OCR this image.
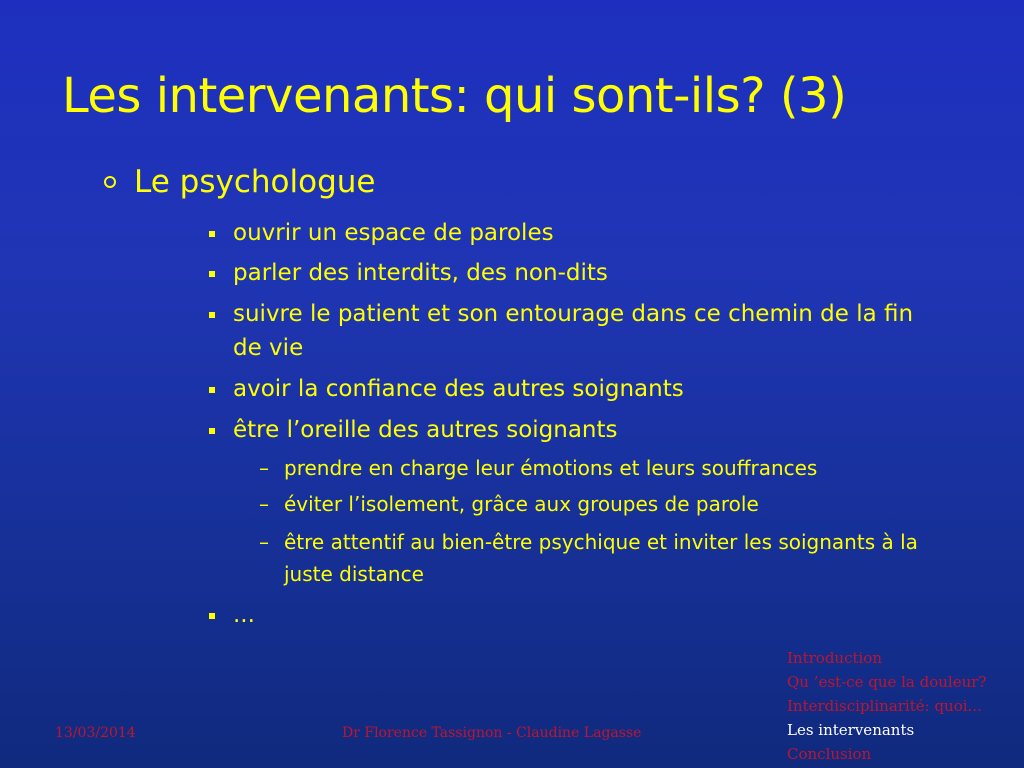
Les intervenants: qui sont-ils? (3)
Le psychologue
ouvrir un espace de paroles
parler des interdits, des non-dits
suivre le patient et son entourage dans ce chemin de la fin de vie
avoir la confiance des autres soignants
être l’oreille des autres soignants
– prendre en charge leur émotions et leurs souffrances
– éviter l’isolement, grâce aux groupes de parole
– être attentif au bien-être psychique et inviter les soignants à la juste distance
...
13/03/2014	Dr Florence Tassignon - Claudine Lagasse
Introduction
Qu ’est-ce que la douleur?
Interdisciplinarité: quoi...
Les intervenants
Conclusion
